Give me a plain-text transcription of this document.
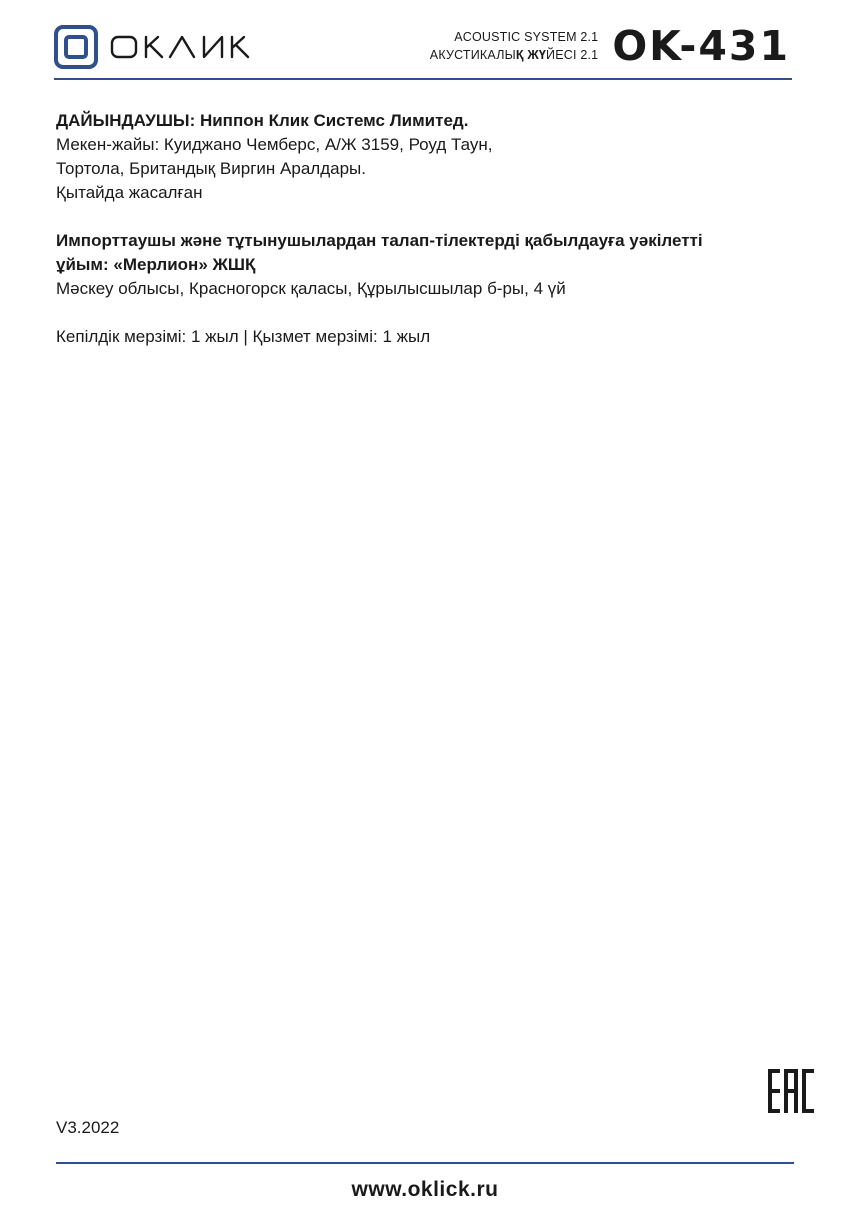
ACOUSTIC SYSTEM 2.1
АКУСТИКАЛЫҚ ЖҮЙЕСІ 2.1 OK-431

ДАЙЫНДАУШЫ: Ниппон Клик Системс Лимитед.

Мекен-жайы: Куиджано Чемберс, А/Ж 3159, Роуд Таун,

Тортола, Британдық Виргин Аралдары.

Қытайда жасалған

Импорттаушы және тұтынушылардан талап-тілектерді қабылдауға уәкілетті

ұйым: «Мерлион» ЖШҚ

Мәскеу облысы, Красногорск қаласы, Құрылысшылар б-ры, 4 үй

Кепілдік мерзімі: 1 жыл | Қызмет мерзімі: 1 жыл

V3.2022
www.oklick.ru
